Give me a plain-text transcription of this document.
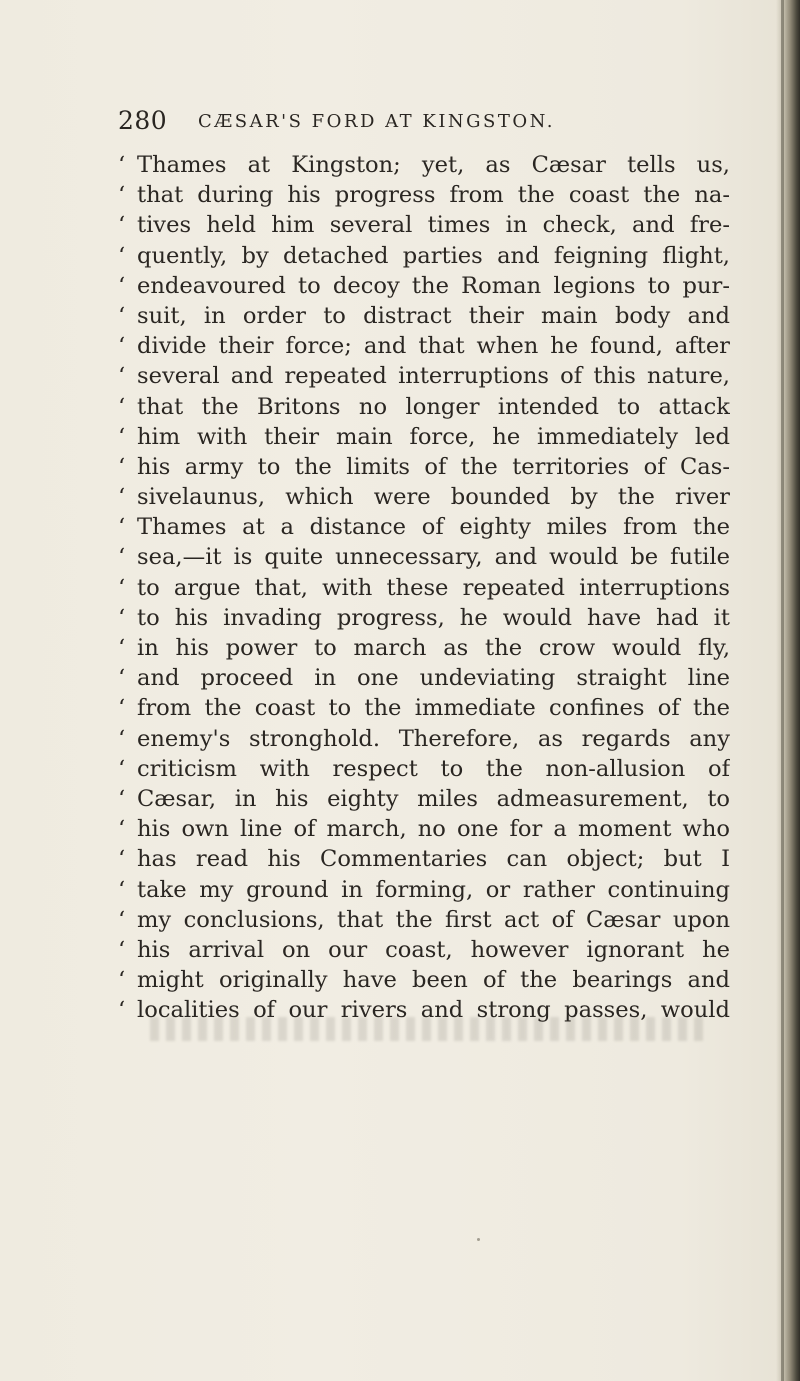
280 CÆSAR'S FORD AT KINGSTON.
‘ Thames at Kingston; yet, as Cæsar tells us,
‘ that during his progress from the coast the na-
‘ tives held him several times in check, and fre-
‘ quently, by detached parties and feigning flight,
‘ endeavoured to decoy the Roman legions to pur-
‘ suit, in order to distract their main body and
‘ divide their force; and that when he found, after
‘ several and repeated interruptions of this nature,
‘ that the Britons no longer intended to attack
‘ him with their main force, he immediately led
‘ his army to the limits of the territories of Cas-
‘ sivelaunus, which were bounded by the river
‘ Thames at a distance of eighty miles from the
‘ sea,—it is quite unnecessary, and would be futile
‘ to argue that, with these repeated interruptions
‘ to his invading progress, he would have had it
‘ in his power to march as the crow would fly,
‘ and proceed in one undeviating straight line
‘ from the coast to the immediate confines of the
‘ enemy's stronghold. Therefore, as regards any
‘ criticism with respect to the non-allusion of
‘ Cæsar, in his eighty miles admeasurement, to
‘ his own line of march, no one for a moment who
‘ has read his Commentaries can object; but I
‘ take my ground in forming, or rather continuing
‘ my conclusions, that the first act of Cæsar upon
‘ his arrival on our coast, however ignorant he
‘ might originally have been of the bearings and
‘ localities of our rivers and strong passes, would
